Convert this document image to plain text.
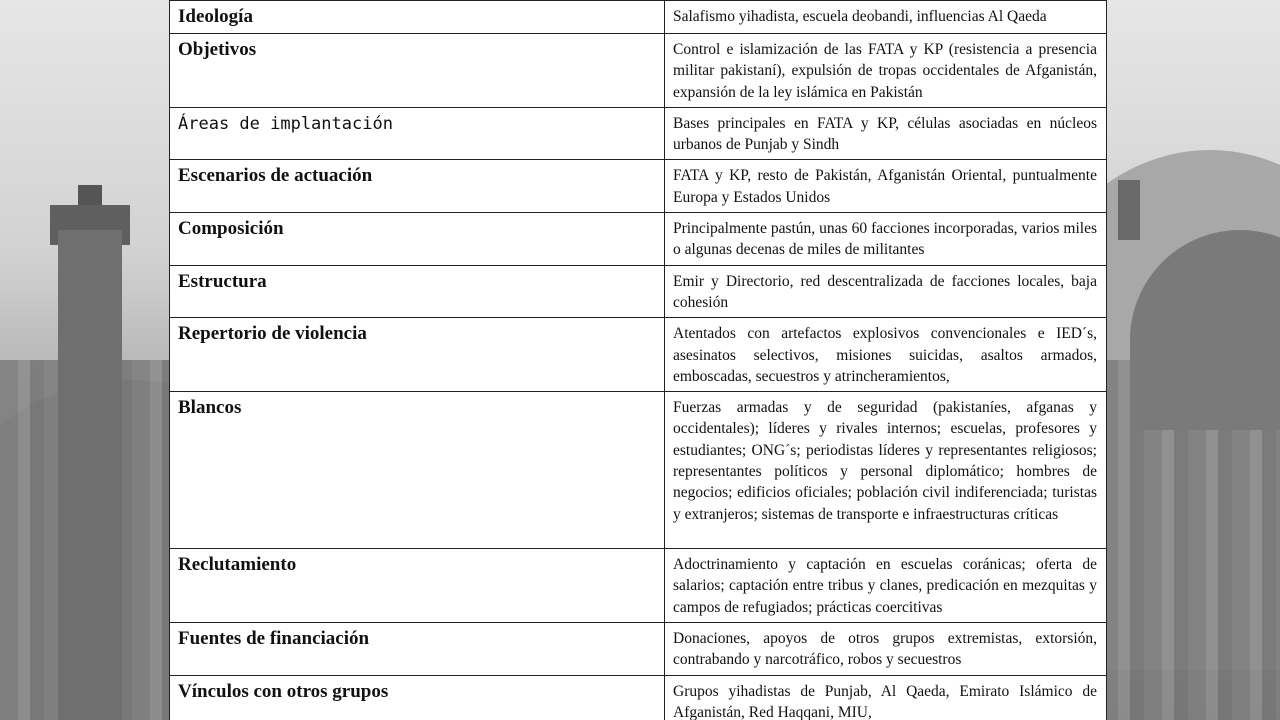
Ideología	Salafismo yihadista, escuela deobandi, influencias Al Qaeda
Objetivos	Control e islamización de las FATA y KP (resistencia a presencia militar pakistaní), expulsión de tropas occidentales de Afganistán, expansión de la ley islámica en Pakistán
Áreas de implantación	Bases principales en FATA y KP, células asociadas en núcleos urbanos de Punjab y Sindh
Escenarios de actuación	FATA y KP, resto de Pakistán, Afganistán Oriental, puntualmente Europa y Estados Unidos
Composición	Principalmente pastún, unas 60 facciones incorporadas, varios miles o algunas decenas de miles de militantes
Estructura	Emir y Directorio, red descentralizada de facciones locales, baja cohesión
Repertorio de violencia	Atentados con artefactos explosivos convencionales e IED´s, asesinatos selectivos, misiones suicidas, asaltos armados, emboscadas, secuestros y atrincheramientos,
Blancos	Fuerzas armadas y de seguridad (pakistaníes, afganas y occidentales); líderes y rivales internos; escuelas, profesores y estudiantes; ONG´s; periodistas líderes y representantes religiosos; representantes políticos y personal diplomático; hombres de negocios; edificios oficiales; población civil indiferenciada; turistas y extranjeros; sistemas de transporte e infraestructuras críticas
Reclutamiento	Adoctrinamiento y captación en escuelas coránicas; oferta de salarios; captación entre tribus y clanes, predicación en mezquitas y campos de refugiados; prácticas coercitivas
Fuentes de financiación	Donaciones, apoyos de otros grupos extremistas, extorsión, contrabando y narcotráfico, robos y secuestros
Vínculos con otros grupos	Grupos yihadistas de Punjab, Al Qaeda, Emirato Islámico de Afganistán, Red Haqqani, MIU,
